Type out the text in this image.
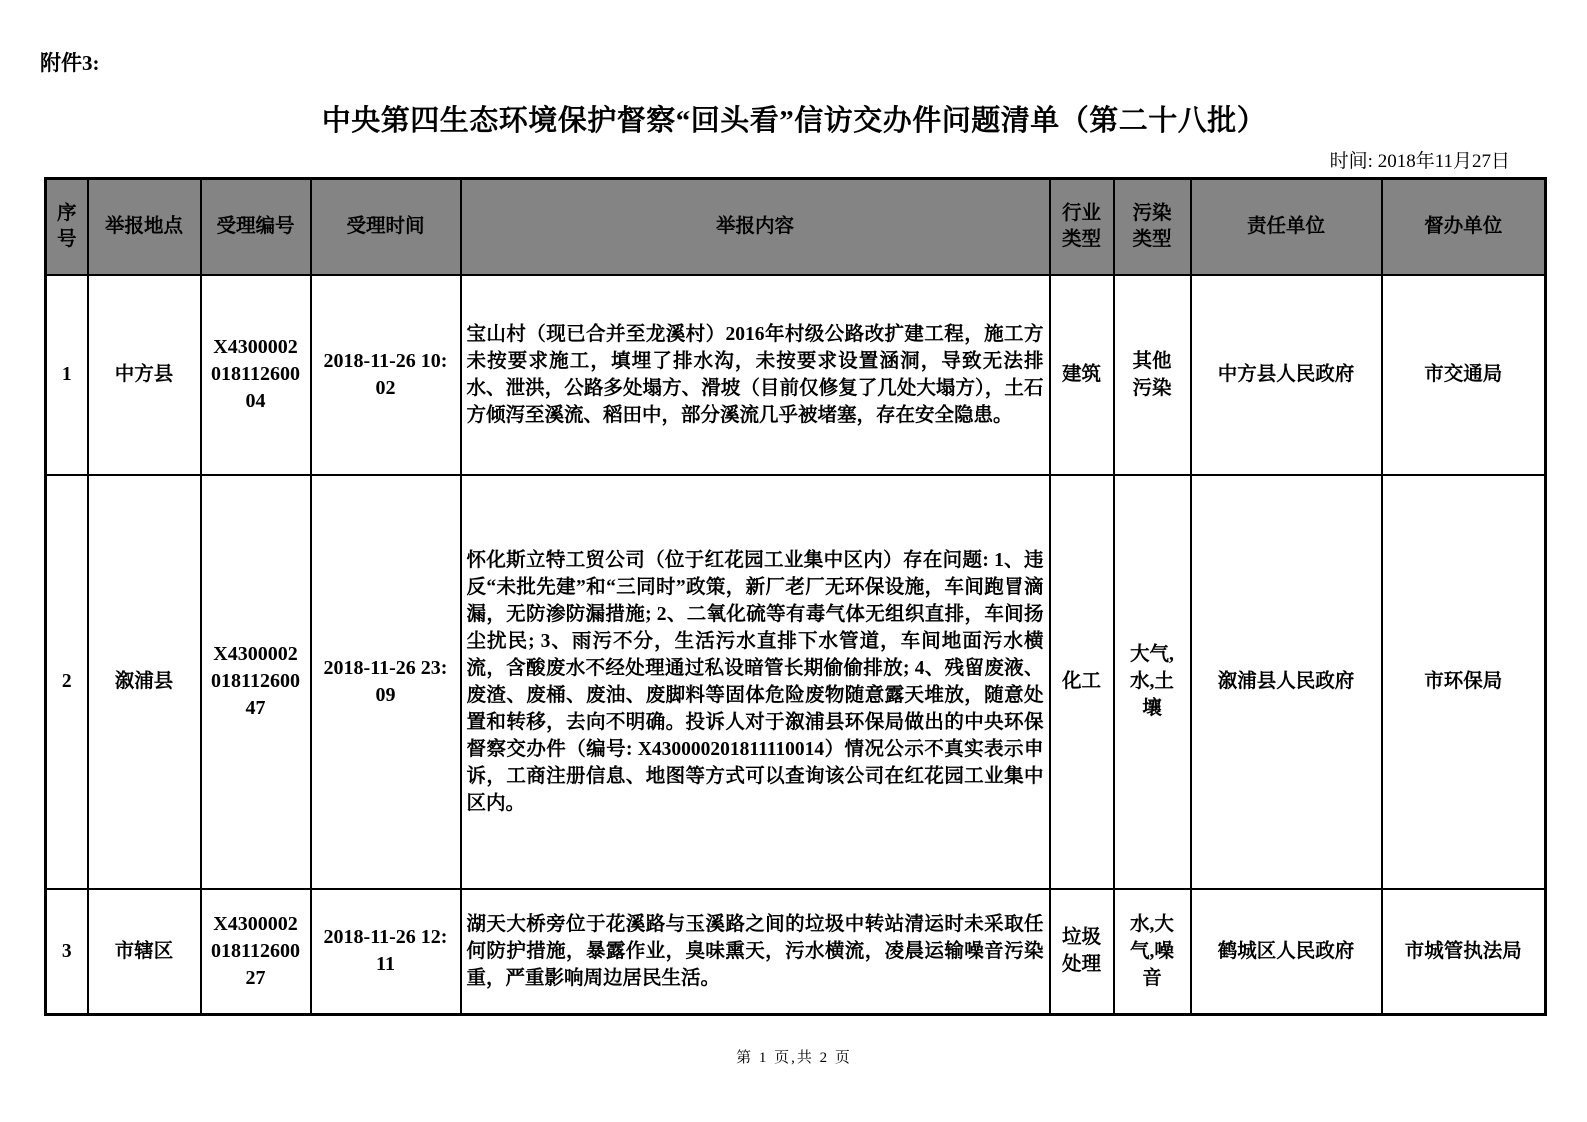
附件3:
中央第四生态环境保护督察“回头看”信访交办件问题清单（第二十八批）
时间: 2018年11月27日
序号	举报地点	受理编号	受理时间	举报内容	行业类型	污染类型	责任单位	督办单位
1	中方县	X430000201811260004	2018-11-26 10:02	宝山村（现已合并至龙溪村）2016年村级公路改扩建工程，施工方未按要求施工，填埋了排水沟，未按要求设置涵洞，导致无法排水、泄洪，公路多处塌方、滑坡（目前仅修复了几处大塌方），土石方倾泻至溪流、稻田中，部分溪流几乎被堵塞，存在安全隐患。	建筑	其他污染	中方县人民政府	市交通局
2	溆浦县	X430000201811260047	2018-11-26 23:09	怀化斯立特工贸公司（位于红花园工业集中区内）存在问题: 1、违反“未批先建”和“三同时”政策，新厂老厂无环保设施，车间跑冒滴漏，无防渗防漏措施; 2、二氧化硫等有毒气体无组织直排，车间扬尘扰民; 3、雨污不分，生活污水直排下水管道，车间地面污水横流，含酸废水不经处理通过私设暗管长期偷偷排放; 4、残留废液、废渣、废桶、废油、废脚料等固体危险废物随意露天堆放，随意处置和转移，去向不明确。投诉人对于溆浦县环保局做出的中央环保督察交办件（编号: X430000201811110014）情况公示不真实表示申诉，工商注册信息、地图等方式可以查询该公司在红花园工业集中区内。	化工	大气,水,土壤	溆浦县人民政府	市环保局
3	市辖区	X430000201811260027	2018-11-26 12:11	湖天大桥旁位于花溪路与玉溪路之间的垃圾中转站清运时未采取任何防护措施，暴露作业，臭味熏天，污水横流，凌晨运输噪音污染重，严重影响周边居民生活。	垃圾处理	水,大气,噪音	鹤城区人民政府	市城管执法局
第 1 页,共 2 页
